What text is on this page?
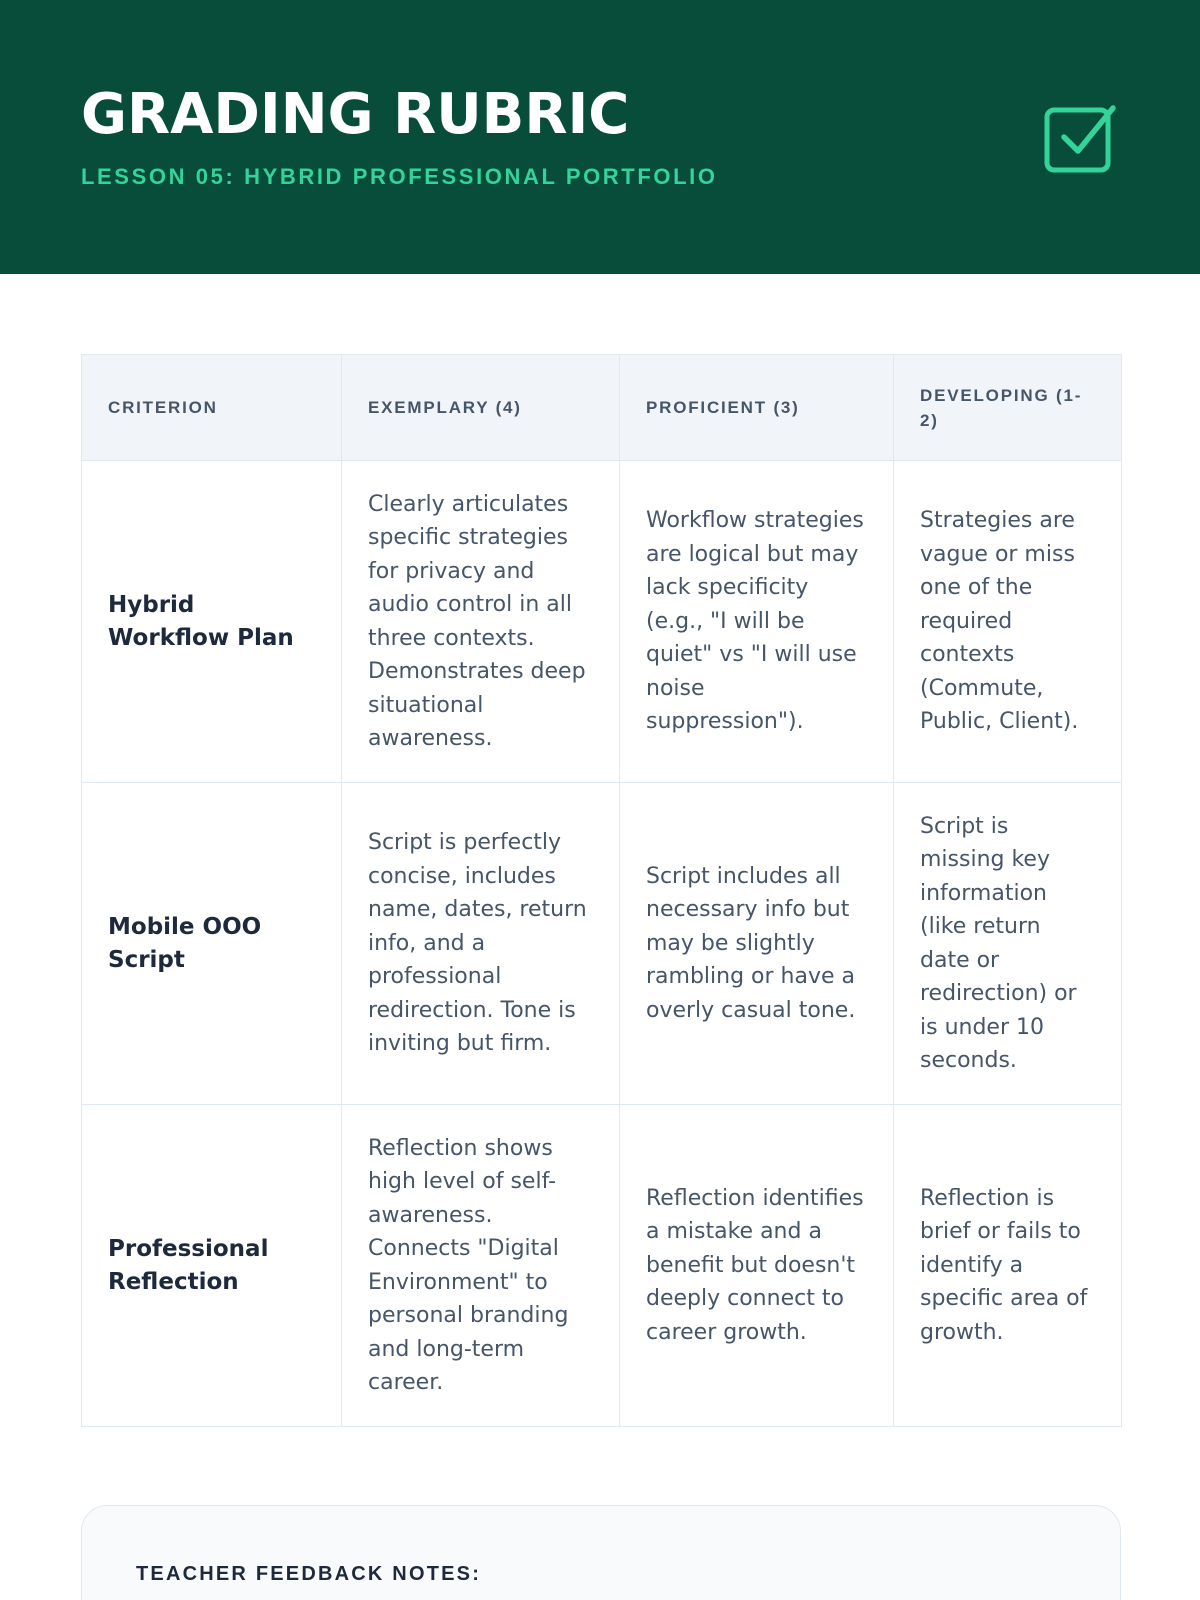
GRADING RUBRIC
LESSON 05: HYBRID PROFESSIONAL PORTFOLIO
CRITERION	EXEMPLARY (4)	PROFICIENT (3)	DEVELOPING (1-2)
Hybrid Workflow Plan	Clearly articulates specific strategies for privacy and audio control in all three contexts. Demonstrates deep situational awareness.	Workflow strategies are logical but may lack specificity (e.g., "I will be quiet" vs "I will use noise suppression").	Strategies are vague or miss one of the required contexts (Commute, Public, Client).
Mobile OOO Script	Script is perfectly concise, includes name, dates, return info, and a professional redirection. Tone is inviting but firm.	Script includes all necessary info but may be slightly rambling or have a overly casual tone.	Script is missing key information (like return date or redirection) or is under 10 seconds.
Professional Reflection	Reflection shows high level of self-awareness. Connects "Digital Environment" to personal branding and long-term career.	Reflection identifies a mistake and a benefit but doesn't deeply connect to career growth.	Reflection is brief or fails to identify a specific area of growth.
TEACHER FEEDBACK NOTES:
